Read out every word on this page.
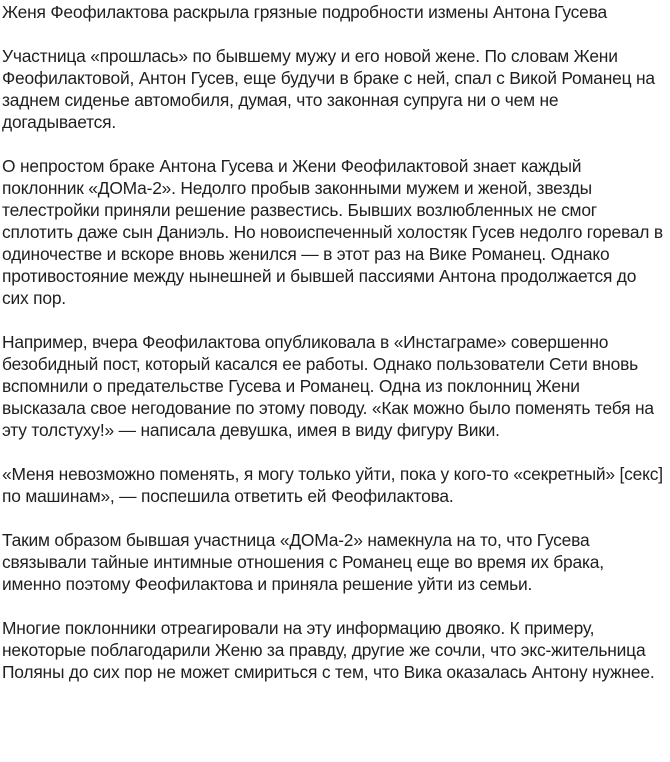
Женя Феофилактова раскрыла грязные подробности измены Антона Гусева

Участница «прошлась» по бывшему мужу и его новой жене. По словам Жени Феофилактовой, Антон Гусев, еще будучи в браке с ней, спал с Викой Романец на заднем сиденье автомобиля, думая, что законная супруга ни о чем не догадывается.

О непростом браке Антона Гусева и Жени Феофилактовой знает каждый поклонник «ДОМа-2». Недолго пробыв законными мужем и женой, звезды телестройки приняли решение развестись. Бывших возлюбленных не смог сплотить даже сын Даниэль. Но новоиспеченный холостяк Гусев недолго горевал в одиночестве и вскоре вновь женился — в этот раз на Вике Романец. Однако противостояние между нынешней и бывшей пассиями Антона продолжается до сих пор.

Например, вчера Феофилактова опубликовала в «Инстаграме» совершенно безобидный пост, который касался ее работы. Однако пользователи Сети вновь вспомнили о предательстве Гусева и Романец. Одна из поклонниц Жени высказала свое негодование по этому поводу. «Как можно было поменять тебя на эту толстуху!» — написала девушка, имея в виду фигуру Вики.

«Меня невозможно поменять, я могу только уйти, пока у кого-то «секретный» [секс] по машинам», — поспешила ответить ей Феофилактова.

Таким образом бывшая участница «ДОМа-2» намекнула на то, что Гусева связывали тайные интимные отношения с Романец еще во время их брака, именно поэтому Феофилактова и приняла решение уйти из семьи.

Многие поклонники отреагировали на эту информацию двояко. К примеру, некоторые поблагодарили Женю за правду, другие же сочли, что экс-жительница Поляны до сих пор не может смириться с тем, что Вика оказалась Антону нужнее.
